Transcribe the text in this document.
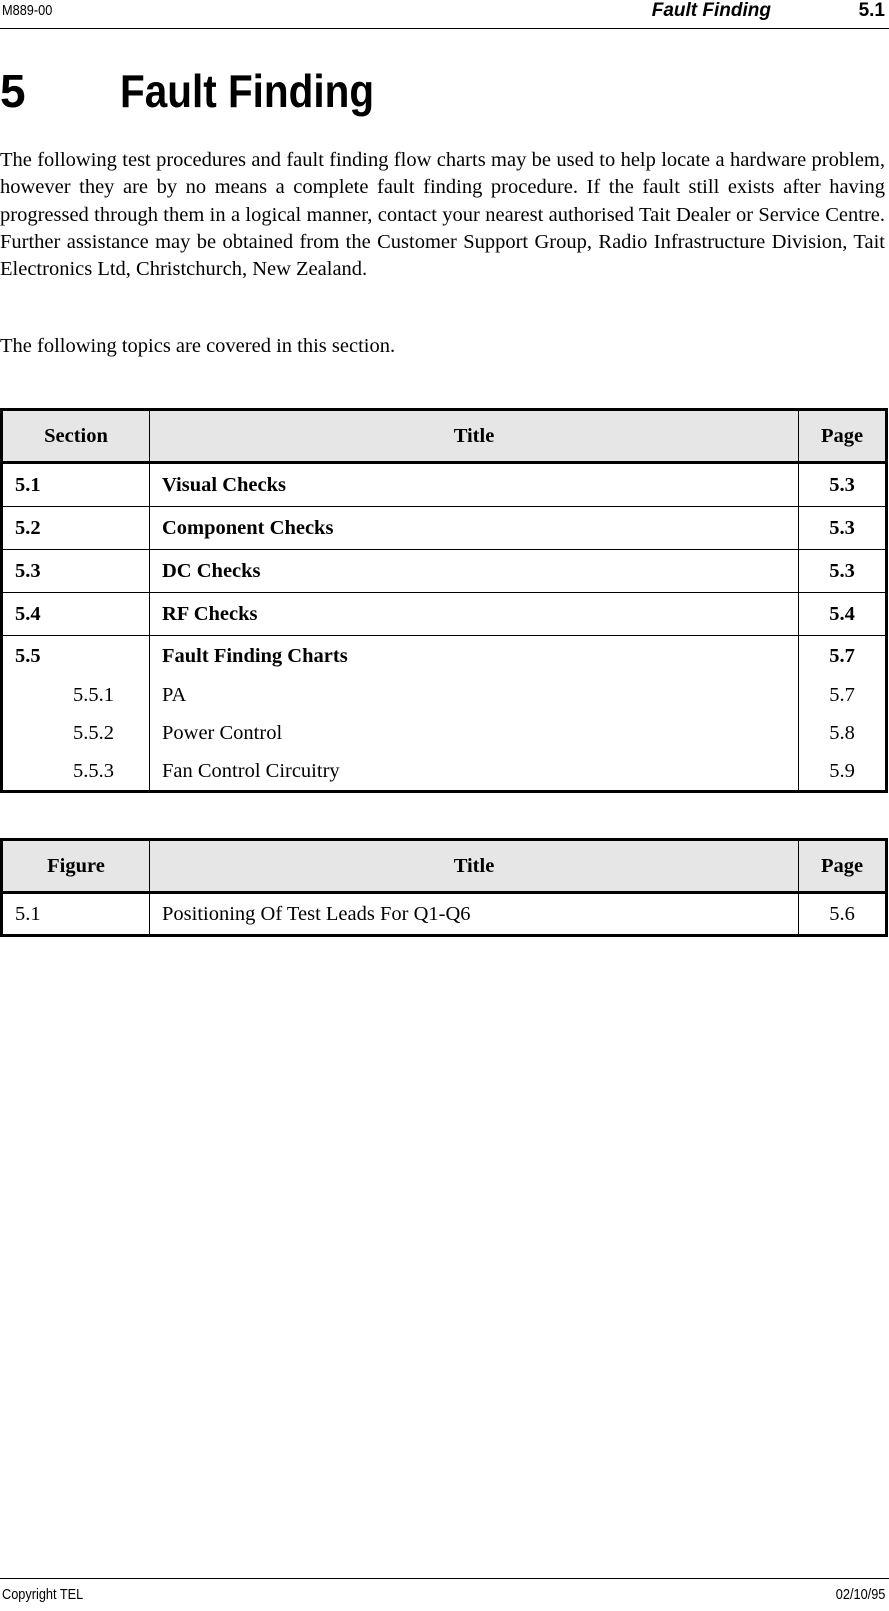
M889-00	Fault Finding	5.1
5 Fault Finding

The following test procedures and fault finding flow charts may be used to help locate a hardware problem, however they are by no means a complete fault finding procedure. If the fault still exists after having progressed through them in a logical manner, contact your nearest authorised Tait Dealer or Service Centre. Further assistance may be obtained from the Customer Support Group, Radio Infrastructure Division, Tait Electronics Ltd, Christchurch, New Zealand.

The following topics are covered in this section.

Section	Title	Page
5.1	Visual Checks	5.3
5.2	Component Checks	5.3
5.3	DC Checks	5.3
5.4	RF Checks	5.4
5.5	Fault Finding Charts	5.7
5.5.1	PA	5.7
5.5.2	Power Control	5.8
5.5.3	Fan Control Circuitry	5.9
Figure	Title	Page
5.1	Positioning Of Test Leads For Q1-Q6	5.6
Copyright TEL	02/10/95
